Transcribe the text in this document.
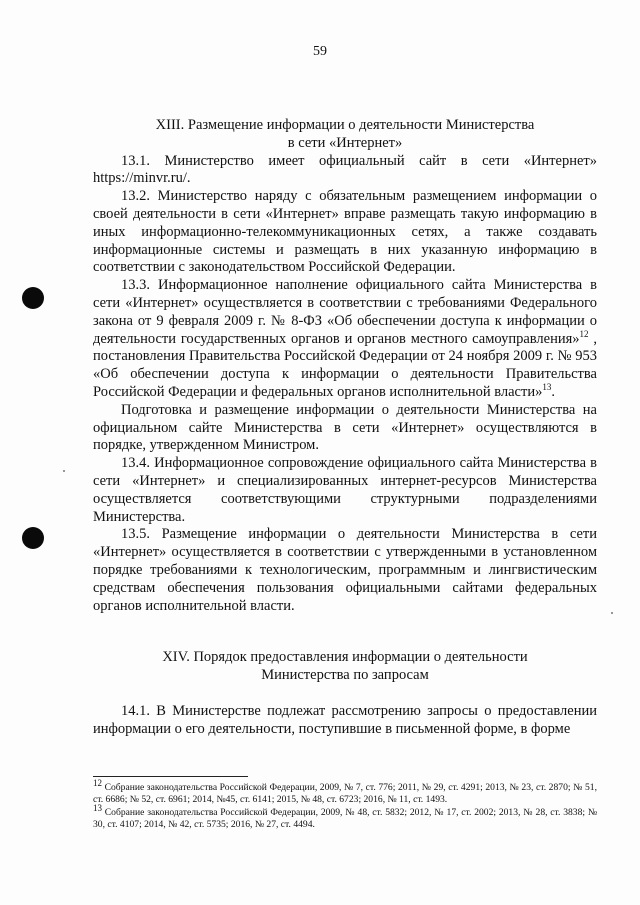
59
XIII. Размещение информации о деятельности Министерства
в сети «Интернет»

13.1. Министерство имеет официальный сайт в сети «Интернет» https://minvr.ru/.

13.2. Министерство наряду с обязательным размещением информации о своей деятельности в сети «Интернет» вправе размещать такую информацию в иных информационно-телекоммуникационных сетях, а также создавать информационные системы и размещать в них указанную информацию в соответствии с законодательством Российской Федерации.

13.3. Информационное наполнение официального сайта Министерства в сети «Интернет» осуществляется в соответствии с требованиями Федерального закона от 9 февраля 2009 г. № 8-ФЗ «Об обеспечении доступа к информации о деятельности государственных органов и органов местного самоуправления»$^{12}$ , постановления Правительства Российской Федерации от 24 ноября 2009 г. № 953 «Об обеспечении доступа к информации о деятельности Правительства Российской Федерации и федеральных органов исполнительной власти»$^{13}$.

Подготовка и размещение информации о деятельности Министерства на официальном сайте Министерства в сети «Интернет» осуществляются в порядке, утвержденном Министром.

13.4. Информационное сопровождение официального сайта Министерства в сети «Интернет» и специализированных интернет-ресурсов Министерства осуществляется соответствующими структурными подразделениями Министерства.

13.5. Размещение информации о деятельности Министерства в сети «Интернет» осуществляется в соответствии с утвержденными в установленном порядке требованиями к технологическим, программным и лингвистическим средствам обеспечения пользования официальными сайтами федеральных органов исполнительной власти.

XIV. Порядок предоставления информации о деятельности
Министерства по запросам

14.1. В Министерстве подлежат рассмотрению запросы о предоставлении информации о его деятельности, поступившие в письменной форме, в форме

$^{12}$ Собрание законодательства Российской Федерации, 2009, № 7, ст. 776; 2011, № 29, ст. 4291; 2013, № 23, ст. 2870; № 51, ст. 6686; № 52, ст. 6961; 2014, №45, ст. 6141; 2015, № 48, ст. 6723; 2016, № 11, ст. 1493.

$^{13}$ Собрание законодательства Российской Федерации, 2009, № 48, ст. 5832; 2012, № 17, ст. 2002; 2013, № 28, ст. 3838; № 30, ст. 4107; 2014, № 42, ст. 5735; 2016, № 27, ст. 4494.
